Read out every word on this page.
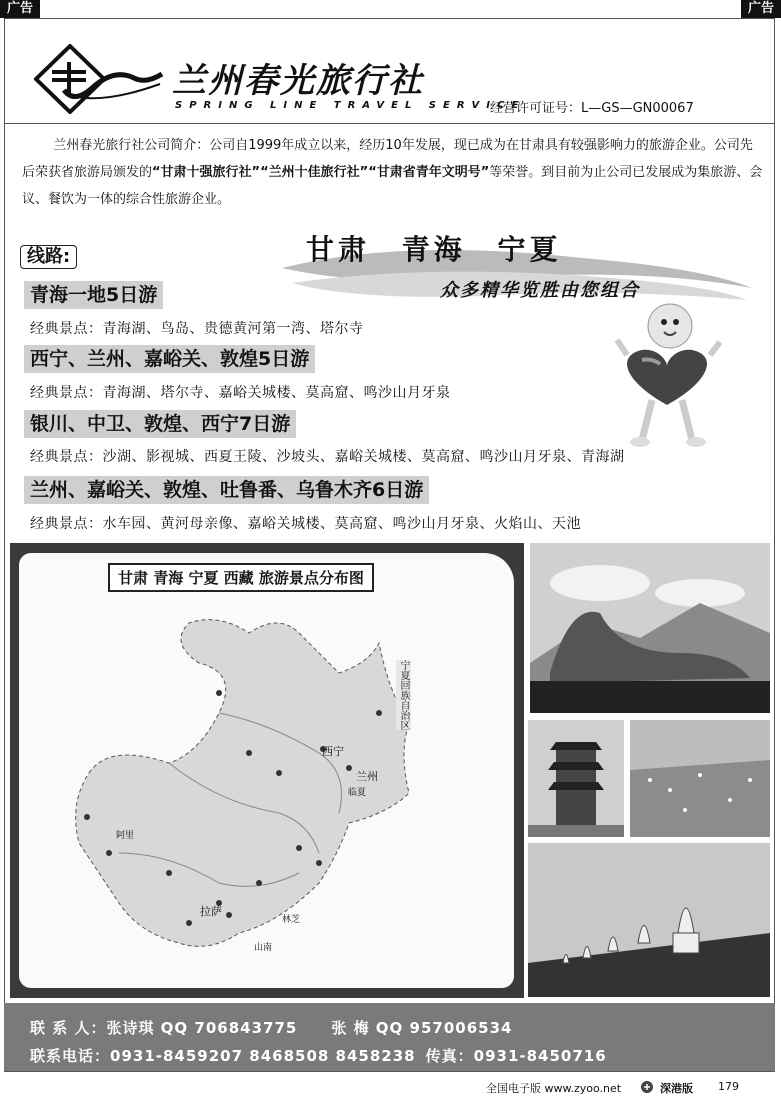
广告	广告
兰州春光旅行社
SPRING LINE TRAVEL SERVICE
经营许可证号：L—GS—GN00067
兰州春光旅行社公司简介：公司自1999年成立以来，经历10年发展，现已成为在甘肃具有较强影响力的旅游企业。公司先后荣获省旅游局颁发的“甘肃十强旅行社”“兰州十佳旅行社”“甘肃省青年文明号”等荣誉。到目前为止公司已发展成为集旅游、会议、餐饮为一体的综合性旅游企业。
线路:	甘肃 青海 宁夏
众多精华览胜由您组合
青海一地5日游
经典景点：青海湖、鸟岛、贵德黄河第一湾、塔尔寺
西宁、兰州、嘉峪关、敦煌5日游
经典景点：青海湖、塔尔寺、嘉峪关城楼、莫高窟、鸣沙山月牙泉
银川、中卫、敦煌、西宁7日游
经典景点：沙湖、影视城、西夏王陵、沙坡头、嘉峪关城楼、莫高窟、鸣沙山月牙泉、青海湖
兰州、嘉峪关、敦煌、吐鲁番、乌鲁木齐6日游
经典景点：水车园、黄河母亲像、嘉峪关城楼、莫高窟、鸣沙山月牙泉、火焰山、天池
甘肃 青海 宁夏 西藏 旅游景点分布图
西宁
兰州
拉萨
阿里
临夏
山南
林芝
宁夏回族自治区
联 系 人：张诗琪 QQ 706843775 张 梅 QQ 957006534
联系电话：0931-8459207 8468508 8458238 传真：0931-8450716
全国电子版 www.zyoo.net	深港版 179
